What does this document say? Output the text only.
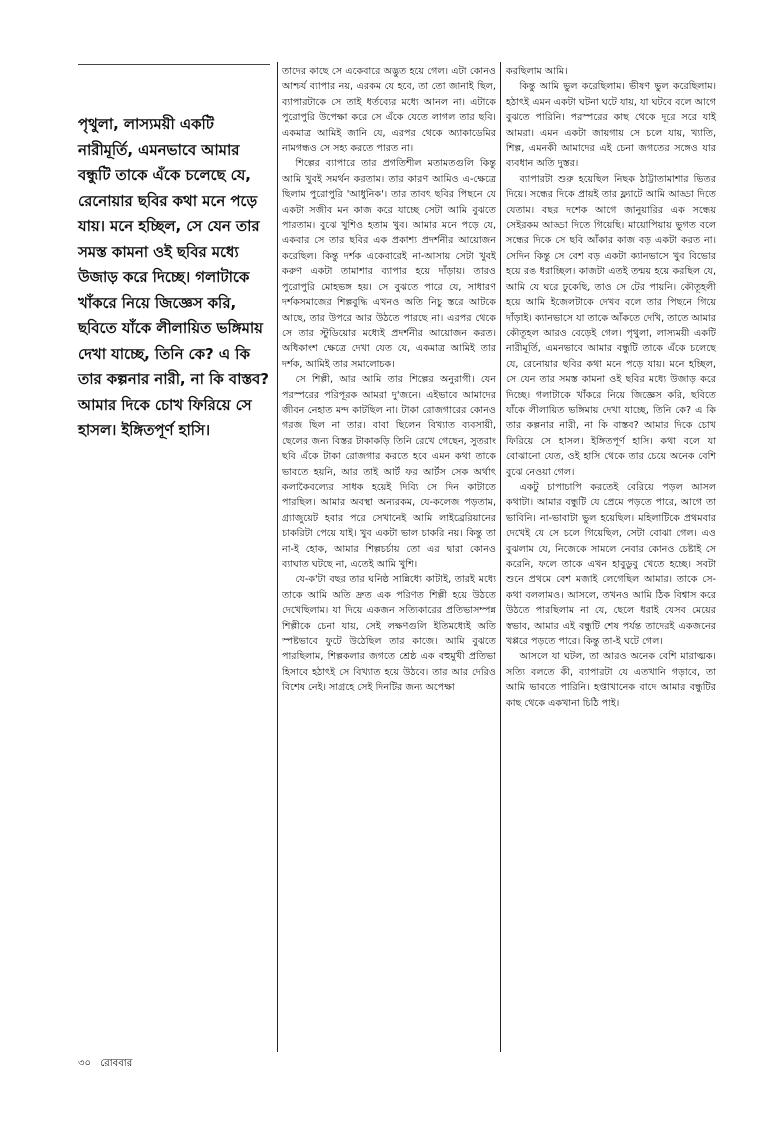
পৃথুলা, লাস্যময়ী একটি নারীমূর্তি, এমনভাবে আমার বন্ধুটি তাকে এঁকে চলেছে যে, রেনোয়ার ছবির কথা মনে পড়ে যায়। মনে হচ্ছিল, সে যেন তার সমস্ত কামনা ওই ছবির মধ্যে উজাড় করে দিচ্ছে। গলাটাকে খাঁকরে নিয়ে জিজ্ঞেস করি, ছবিতে যাঁকে লীলায়িত ভঙ্গিমায় দেখা যাচ্ছে, তিনি কে? এ কি তার কল্পনার নারী, না কি বাস্তব? আমার দিকে চোখ ফিরিয়ে সে হাসল। ইঙ্গিতপূর্ণ হাসি।

তাদের কাছে সে একেবারে অদ্ভুত হয়ে গেল। এটা কোনও আশ্চর্য ব্যাপার নয়, এরকম যে হবে, তা তো জানাই ছিল, ব্যাপারটাকে সে তাই ধর্তব্যের মধ্যে আনল না। এটাকে পুরোপুরি উপেক্ষা করে সে এঁকে যেতে লাগল তার ছবি। একমাত্র আমিই জানি যে, এরপর থেকে অ্যাকাডেমির নামগন্ধও সে সহ্য করতে পারত না।

শিল্পের ব্যাপারে তার প্রগতিশীল মতামতগুলি কিন্তু আমি খুবই সমর্থন করতাম। তার কারণ আমিও এ-ক্ষেত্রে ছিলাম পুরোপুরি 'আধুনিক'। তার তাবৎ ছবির পিছনে যে একটা সজীব মন কাজ করে যাচ্ছে সেটা আমি বুঝতে পারতাম। বুঝে খুশিও হতাম খুব। আমার মনে পড়ে যে, একবার সে তার ছবির এক প্রকাশ্য প্রদর্শনীর আয়োজন করেছিল। কিন্তু দর্শক একেবারেই না-আসায় সেটা খুবই করুণ একটা তামাশার ব্যাপার হয়ে দাঁড়ায়। তারও পুরোপুরি মোহভঙ্গ হয়। সে বুঝতে পারে যে, সাধারণ দর্শকসমাজের শিল্পবুদ্ধি এখনও অতি নিচু স্তরে আটকে আছে, তার উপরে আর উঠতে পারছে না। এরপর থেকে সে তার স্টুডিয়োর মধ্যেই প্রদর্শনীর আয়োজন করত। অধিকাংশ ক্ষেত্রে দেখা যেত যে, একমাত্র আমিই তার দর্শক, আমিই তার সমালোচক।

সে শিল্পী, আর আমি তার শিল্পের অনুরাগী। যেন পরস্পরের পরিপূরক আমরা দু'জনে। এইভাবে আমাদের জীবন নেহাত মন্দ কাটছিল না। টাকা রোজগারের কোনও গরজ ছিল না তার। বাবা ছিলেন বিখ্যাত ব্যবসায়ী, ছেলের জন্য বিস্তর টাকাকড়ি তিনি রেখে গেছেন, সুতরাং ছবি এঁকে টাকা রোজগার করতে হবে এমন কথা তাকে ভাবতে হয়নি, আর তাই আর্ট ফর আর্টস সেক অর্থাৎ কলাকৈবল্যের সাধক হয়েই দিব্যি সে দিন কাটাতে পারছিল। আমার অবস্থা অন্যরকম, যে-কলেজ পড়তাম, গ্র্যাজুয়েট হবার পরে সেখানেই আমি লাইব্রেরিয়ানের চাকরিটা পেয়ে যাই। খুব একটা ভাল চাকরি নয়। কিন্তু তা না-ই হোক, আমার শিল্পচর্চায় তো এর দ্বারা কোনও ব্যাঘাত ঘটছে না, এতেই আমি খুশি।

যে-ক'টা বছর তার ঘনিষ্ঠ সান্নিধ্যে কাটাই, তারই মধ্যে তাকে আমি অতি দ্রুত এক পরিণত শিল্পী হয়ে উঠতে দেখেছিলাম। যা দিয়ে একজন সত্যিকারের প্রতিভাসম্পন্ন শিল্পীকে চেনা যায়, সেই লক্ষণগুলি ইতিমধ্যেই অতি স্পষ্টভাবে ফুটে উঠেছিল তার কাজে। আমি বুঝতে পারছিলাম, শিল্পকলার জগতে শ্রেষ্ঠ এক বহুমুখী প্রতিভা হিসাবে হঠাৎই সে বিখ্যাত হয়ে উঠবে। তার আর দেরিও বিশেষ নেই। সাগ্রহে সেই দিনটির জন্য অপেক্ষা

করছিলাম আমি।

কিন্তু আমি ভুল করেছিলাম। ভীষণ ভুল করেছিলাম। হঠাৎই এমন একটা ঘটনা ঘটে যায়, যা ঘটবে বলে আগে বুঝতে পারিনি। পরস্পরের কাছ থেকে দূরে সরে যাই আমরা। এমন একটা জায়গায় সে চলে যায়, খ্যাতি, শিল্প, এমনকী আমাদের এই চেনা জগতের সঙ্গেও যার ব্যবধান অতি দুস্তর।

ব্যাপারটা শুরু হয়েছিল নিছক ঠাট্টাতামাশার ভিতর দিয়ে। সন্ধের দিকে প্রায়ই তার ফ্ল্যাটে আমি আড্ডা দিতে যেতাম। বছর দশেক আগে জানুয়ারির এক সন্ধেয় সেইরকম আড্ডা দিতে গিয়েছি। মায়োপিয়ায় ভুগত বলে সন্ধের দিকে সে ছবি আঁকার কাজ বড় একটা করত না। সেদিন কিন্তু সে বেশ বড় একটা ক্যানভাসে খুব বিভোর হয়ে রঙ ধরাচ্ছিল। কাজটা এতই তন্ময় হয়ে করছিল যে, আমি যে ঘরে ঢুকেছি, তাও সে টের পায়নি। কৌতূহলী হয়ে আমি ইজেলটাকে দেখব বলে তার পিছনে গিয়ে দাঁড়াই। ক্যানভাসে যা তাকে আঁকতে দেখি, তাতে আমার কৌতূহল আরও বেড়েই গেল। পৃথুলা, লাস্যময়ী একটি নারীমূর্তি, এমনভাবে আমার বন্ধুটি তাকে এঁকে চলেছে যে, রেনোয়ার ছবির কথা মনে পড়ে যায়। মনে হচ্ছিল, সে যেন তার সমস্ত কামনা ওই ছবির মধ্যে উজাড় করে দিচ্ছে। গলাটাকে খাঁকরে নিয়ে জিজ্ঞেস করি, ছবিতে যাঁকে লীলায়িত ভঙ্গিমায় দেখা যাচ্ছে, তিনি কে? এ কি তার কল্পনার নারী, না কি বাস্তব? আমার দিকে চোখ ফিরিয়ে সে হাসল। ইঙ্গিতপূর্ণ হাসি। কথা বলে যা বোঝানো যেত, ওই হাসি থেকে তার চেয়ে অনেক বেশি বুঝে নেওয়া গেল।

একটু চাপাচাপি করতেই বেরিয়ে পড়ল আসল কথাটা। আমার বন্ধুটি যে প্রেমে পড়তে পারে, আগে তা ভাবিনি। না-ভাবাটা ভুল হয়েছিল। মহিলাটিকে প্রথমবার দেখেই যে সে চলে গিয়েছিল, সেটা বোঝা গেল। এও বুঝলাম যে, নিজেকে সামলে নেবার কোনও চেষ্টাই সে করেনি, ফলে তাকে এখন হাবুডুবু খেতে হচ্ছে। সবটা শুনে প্রথমে বেশ মজাই লেগেছিল আমার। তাকে সে-কথা বললামও। আসলে, তখনও আমি ঠিক বিশ্বাস করে উঠতে পারছিলাম না যে, ছেলে ধরাই যেসব মেয়ের স্বভাব, আমার এই বন্ধুটি শেষ পর্যন্ত তাদেরই একজনের খপ্পরে পড়তে পারে। কিন্তু তা-ই ঘটে গেল।

আসলে যা ঘটল, তা আরও অনেক বেশি মারাত্মক। সত্যি বলতে কী, ব্যাপারটা যে এতখানি গড়াবে, তা আমি ভাবতে পারিনি। হপ্তাখানেক বাদে আমার বন্ধুটির কাছ থেকে একখানা চিঠি পাই।

৩০ রোববার
